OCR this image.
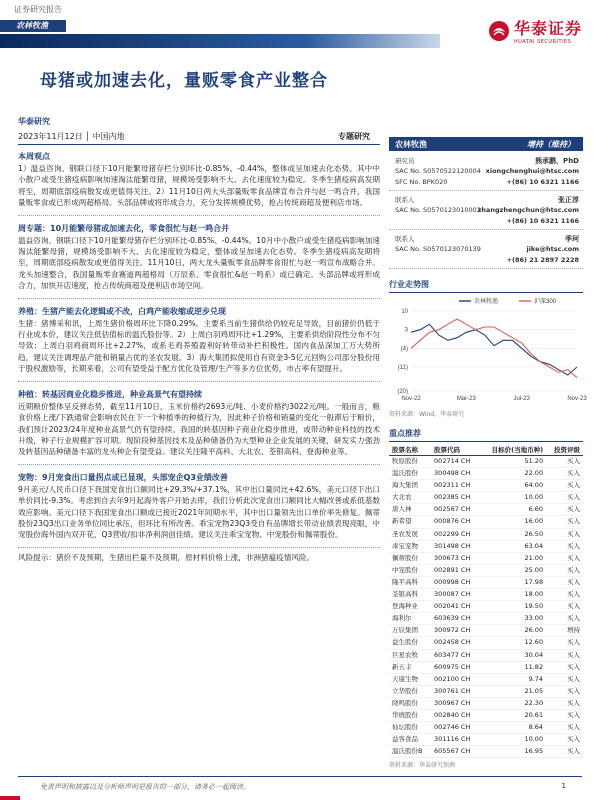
证券研究报告
华泰证券
HUATAI SECURITIES
农林牧渔
母猪或加速去化，量贩零食产业整合
华泰研究
2023年11月12日 │ 中国内地	专题研究
本周观点

1）温益咨询、钢联口径下10月能繁母猪存栏分别环比-0.85%、-0.44%，整体或呈加速去化态势。其中中小散户或受生猪疫病影响加速淘汰能繁母猪，规模场受影响不大、去化速度较为稳定。冬季生猪疫病高发期将至，周期底部疫病散发或更值得关注。2）11月10日两大头部量贩零食品牌宣布合并与赵一鸣合并，我国量贩零食或已形成两超格局。头部品牌或将形成合力，充分发挥规模优势，抢占传统商超及便利店市场。

周专题：10月能繁母猪或加速去化，零食很忙与赵一鸣合并

温益咨询、钢联口径下10月能繁母猪存栏分别环比-0.85%、-0.44%。10月中小散户或受生猪疫病影响加速淘汰能繁母猪，规模场受影响不大、去化速度较为稳定，整体或呈加速去化态势。冬季生猪疫病高发期将至，周期底部疫病散发或更值得关注。11月10日，两大龙头量贩零食品牌零食很忙与赵一鸣宣布战略合并。龙头加速整合，我国量贩零食赛道两超格局（万辰系、零食很忙&赵一鸣系）或已确定。头部品牌或将形成合力，加快开店速度，抢占传统商超及便利店市场空间。

养殖：生猪产能去化逻辑或不改，白鸡产能收缩或逆步兑现

生猪：猪博采和讯，上周生猪价格周环比下降0.29%。主要系当前生猪供给仍较充足导致，目前猪价仍低于行业成本价，建议关注低估值标的温氏股份等。2）上周白羽鸡周环比+1.29%，主要系供给阶段性分布不匀导致；上周白羽鸡商周环比+2.27%，或系毛鸡养殖盈利好转带动补栏积极性。国内食品深加工万大势所趋，建议关注调理品产能和销量占优的圣农发展。3）海大集团拟使用自有资金3-5亿元回购公司部分股份用于股权激励等，长期来看，公司有望受益于配方优化及管理/生产等多方位优势，市占率有望提升。

种植：转基因商业化稳步推进，种业高景气有望持续

近期粮价整体呈反弹态势，截至11月10日，玉米价格约2693元/吨、小麦价格约3022元/吨。一般而言，粮食价格上涨/下跌通常会影响农民在下一个种植季的种植行为，因此种子价格和销量的变化一般滞后于粮价，我们预计2023/24年度种业高景气仍有望持续。我国的转基因种子商业化稳步推进，或带动种业科技的技术升级，种子行业规模扩容可期。现阶段种基因技术及品种储备仍为大型种业企业发展的关键，研发实力强劲及转基因品种储备丰富的龙头种企有望受益。建议关注隆平高科、大北农、荃银高科、登海种业等。

宠物：9月宠食出口量拐点或已显现，头部宠企Q3业绩改善

9月美元/人民币口径下我国宠食出口额同比+29.3%/+37.1%，其中出口量同比+42.6%，美元口径下出口单价同比-9.3%。考虑到自去年9月起海外客户开始去库，我们分析此次宠食出口额同比大幅改善或系低基数效应影响。美元口径下我国宠食出口额或已接近2021年同期水平，其中出口量领先出口单价率先修复。佩蒂股份23Q3出口业务单位同比承压，但环比有所改善。乖宝宠物23Q3受自有品牌增长带动业绩表现亮眼，中宠股份海外国内双开花，Q3营收/扣非净利润创佳绩。建议关注乖宝宠物、中宠股份和佩蒂股份。

风险提示：猪价不及预期，生猪出栏量不及预期，原材料价格上涨，非洲猪瘟疫情风险。

农林牧渔	增持（维持）
研究员	熊承鹏，PhD
SAC No. S0570522120004 xiongchenghui@htsc.com
SFC No. BPK020	+(86) 10 6321 1166
联系人	张正淳
SAC No. S0570123010003
zhangzhengchun@htsc.com
+(86) 10 6321 1166
联系人	季珂
SAC No. S0570123070139	jike@htsc.com
+(86) 21 2897 2228
行业走势图
10
3
(4)
(11)
(20)
Nov-22	Mar-23	Jul-23	Nov-23
农林牧渔	沪深300
资料来源：Wind，华泰研究
重点推荐
股票名称	股票代码	目标价(当地币种)	投资评级
牧原股份	002714 CH	51.20	买入
温氏股份	300498 CH	22.00	买入
海大集团	002311 CH	64.00	买入
大北农	002385 CH	10.00	买入
唐人神	002567 CH	6.60	买入
新希望	000876 CH	16.00	买入
圣农发展	002299 CH	26.50	买入
乖宝宠物	301498 CH	63.04	买入
佩蒂股份	300673 CH	21.00	买入
中宠股份	002891 CH	25.00	买入
隆平高科	000998 CH	17.98	买入
荃银高科	300087 CH	18.00	买入
登海种业	002041 CH	19.50	买入
海利尔	603639 CH	33.00	买入
万辰集团	300972 CH	26.00	增持
益生股份	002458 CH	12.60	买入
巨星农牧	603477 CH	30.04	买入
新五丰	600975 CH	11.82	买入
天康生物	002100 CH	9.74	买入
立华股份	300761 CH	21.05	买入
晓鸣股份	300967 CH	22.30	买入
华统股份	002840 CH	20.61	买入
仙坛股份	002746 CH	8.64	买入
益客食品	301116 CH	10.00	买入
温氏股份B	605567 CH	16.95	买入
资料来源：华泰研究预测
免责声明和披露以及分析师声明是报告的一部分，请务必一起阅读。	1
